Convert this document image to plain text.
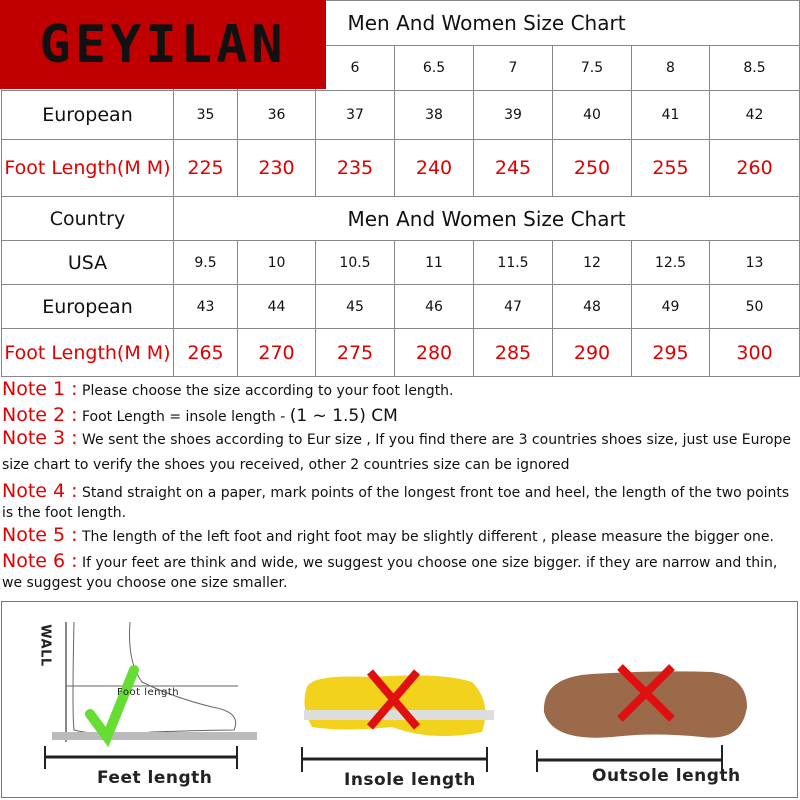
	Men And Women Size Chart							
			6	6.5	7	7.5	8	8.5
European	35	36	37	38	39	40	41	42
Foot Length(M M)	225	230	235	240	245	250	255	260
GEYILAN
Country	Men And Women Size Chart							
USA	9.5	10	10.5	11	11.5	12	12.5	13
European	43	44	45	46	47	48	49	50
Foot Length(M M)	265	270	275	280	285	290	295	300

Note 1 : Please choose the size according to your foot length.

Note 2 : Foot Length = insole length - (1 ~ 1.5) CM

Note 3 : We sent the shoes according to Eur size , If you find there are 3 countries shoes size, just use Europe size chart to verify the shoes you received, other 2 countries size can be ignored

Note 4 : Stand straight on a paper, mark points of the longest front toe and heel, the length of the two points is the foot length.

Note 5 : The length of the left foot and right foot may be slightly different , please measure the bigger one.

Note 6 : If your feet are think and wide, we suggest you choose one size bigger. if they are narrow and thin, we suggest you choose one size smaller.

WALL
Foot length
Feet length	Insole length	Outsole length
